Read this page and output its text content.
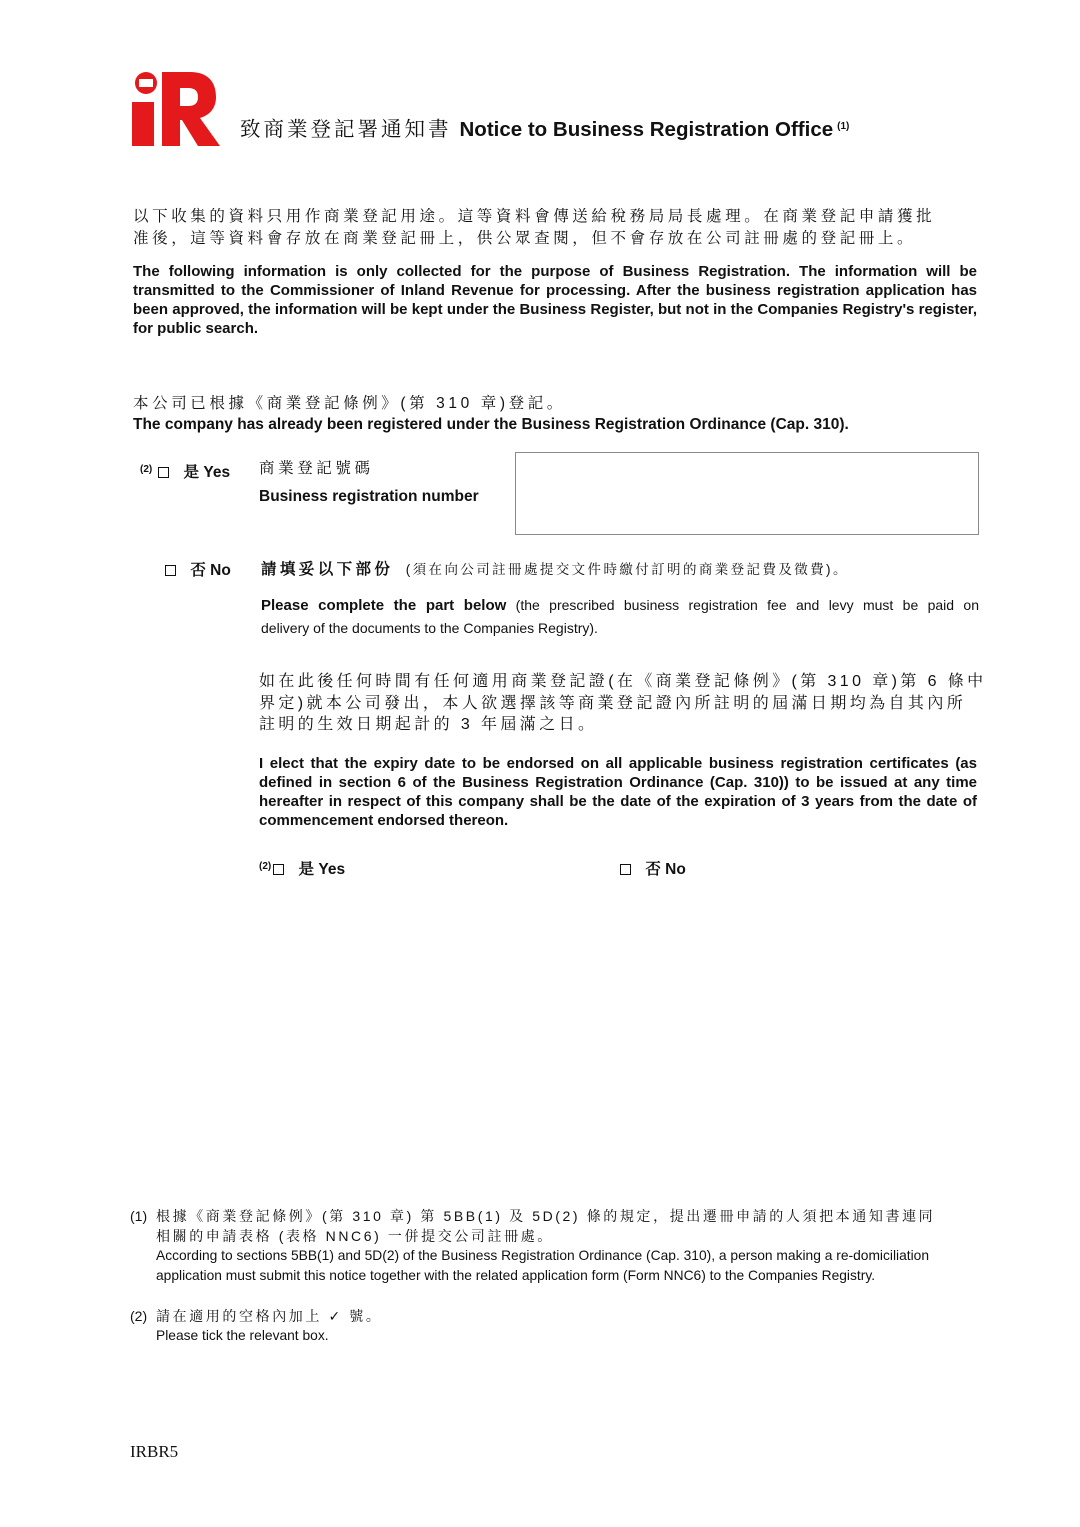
致商業登記署通知書 Notice to Business Registration Office $^{(1)}$
以下收集的資料只用作商業登記用途。這等資料會傳送給稅務局局長處理。在商業登記申請獲批
准後，這等資料會存放在商業登記冊上，供公眾查閱，但不會存放在公司註冊處的登記冊上。
The following information is only collected for the purpose of Business Registration. The information will be transmitted to the Commissioner of Inland Revenue for processing. After the business registration application has been approved, the information will be kept under the Business Register, but not in the Companies Registry's register, for public search.
本公司已根據《商業登記條例》(第 310 章)登記。
The company has already been registered under the Business Registration Ordinance (Cap. 310).
$^{(2)}$ 是 Yes 商業登記號碼
Business registration number
否 No 請填妥以下部份 (須在向公司註冊處提交文件時繳付訂明的商業登記費及徵費)。
Please complete the part below (the prescribed business registration fee and levy must be paid on
delivery of the documents to the Companies Registry).
如在此後任何時間有任何適用商業登記證(在《商業登記條例》(第 310 章)第 6 條中
界定)就本公司發出，本人欲選擇該等商業登記證內所註明的屆滿日期均為自其內所
註明的生效日期起計的 3 年屆滿之日。
I elect that the expiry date to be endorsed on all applicable business registration certificates (as defined in section 6 of the Business Registration Ordinance (Cap. 310)) to be issued at any time hereafter in respect of this company shall be the date of the expiration of 3 years from the date of commencement endorsed thereon.
$^{(2)}$ 是 Yes	否 No
(1) 根據《商業登記條例》(第 310 章) 第 5BB(1) 及 5D(2) 條的規定，提出遷冊申請的人須把本通知書連同
相關的申請表格 (表格 NNC6) 一併提交公司註冊處。
According to sections 5BB(1) and 5D(2) of the Business Registration Ordinance (Cap. 310), a person making a re-domiciliation application must submit this notice together with the related application form (Form NNC6) to the Companies Registry.
(2) 請在適用的空格內加上 ✓ 號。
Please tick the relevant box.
IRBR5
